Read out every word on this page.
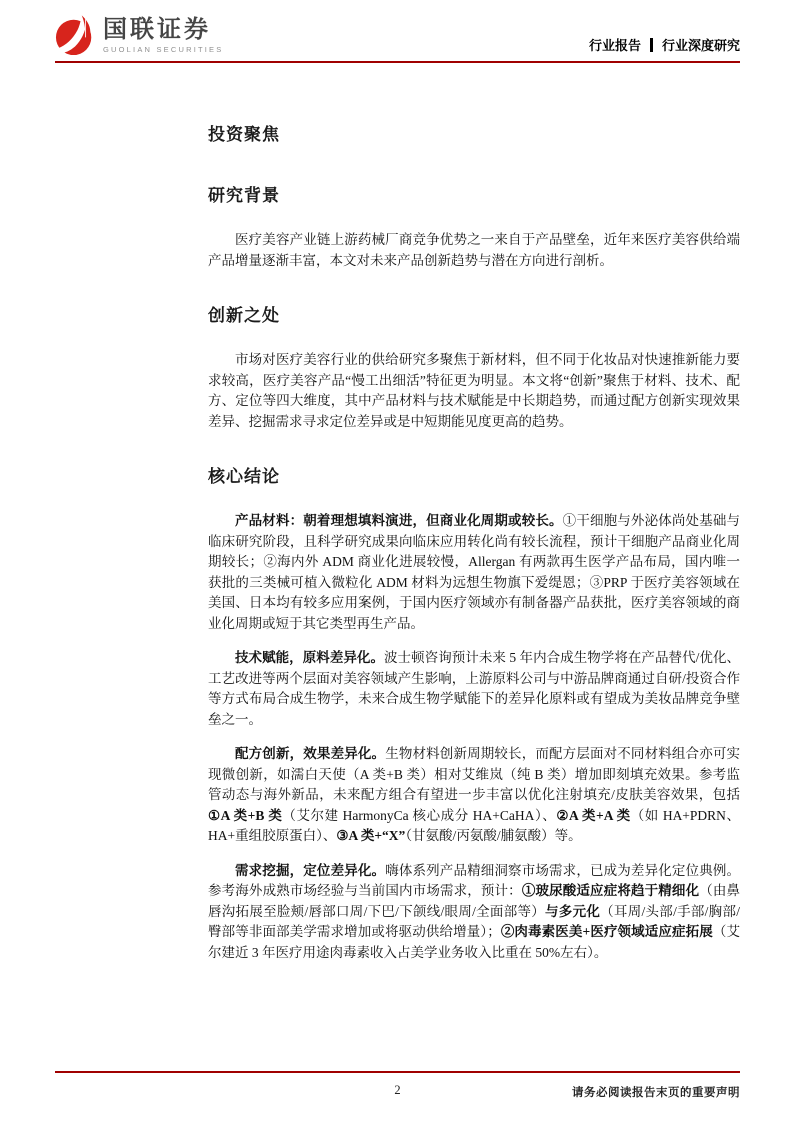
国联证券
GUOLIAN SECURITIES	行业报告 行业深度研究
投资聚焦
研究背景

医疗美容产业链上游药械厂商竞争优势之一来自于产品壁垒，近年来医疗美容供给端产品增量逐渐丰富，本文对未来产品创新趋势与潜在方向进行剖析。

创新之处

市场对医疗美容行业的供给研究多聚焦于新材料，但不同于化妆品对快速推新能力要求较高，医疗美容产品“慢工出细活”特征更为明显。本文将“创新”聚焦于材料、技术、配方、定位等四大维度，其中产品材料与技术赋能是中长期趋势，而通过配方创新实现效果差异、挖掘需求寻求定位差异或是中短期能见度更高的趋势。

核心结论

产品材料：朝着理想填料演进，但商业化周期或较长。①干细胞与外泌体尚处基础与临床研究阶段，且科学研究成果向临床应用转化尚有较长流程，预计干细胞产品商业化周期较长；②海内外 ADM 商业化进展较慢，Allergan 有两款再生医学产品布局，国内唯一获批的三类械可植入微粒化 ADM 材料为远想生物旗下爱缇恩；③PRP 于医疗美容领域在美国、日本均有较多应用案例，于国内医疗领域亦有制备器产品获批，医疗美容领域的商业化周期或短于其它类型再生产品。

技术赋能，原料差异化。波士顿咨询预计未来 5 年内合成生物学将在产品替代/优化、工艺改进等两个层面对美容领域产生影响，上游原料公司与中游品牌商通过自研/投资合作等方式布局合成生物学，未来合成生物学赋能下的差异化原料或有望成为美妆品牌竞争壁垒之一。

配方创新，效果差异化。生物材料创新周期较长，而配方层面对不同材料组合亦可实现微创新，如濡白天使（A 类+B 类）相对艾维岚（纯 B 类）增加即刻填充效果。参考监管动态与海外新品，未来配方组合有望进一步丰富以优化注射填充/皮肤美容效果，包括①A 类+B 类（艾尔建 HarmonyCa 核心成分 HA+CaHA）、②A 类+A 类（如 HA+PDRN、 HA+重组胶原蛋白）、③A 类+“X”（甘氨酸/丙氨酸/脯氨酸）等。

需求挖掘，定位差异化。嗨体系列产品精细洞察市场需求，已成为差异化定位典例。参考海外成熟市场经验与当前国内市场需求，预计：①玻尿酸适应症将趋于精细化（由鼻唇沟拓展至脸颊/唇部口周/下巴/下颌线/眼周/全面部等）与多元化（耳周/头部/手部/胸部/臀部等非面部美学需求增加或将驱动供给增量）；②肉毒素医美+医疗领域适应症拓展（艾尔建近 3 年医疗用途肉毒素收入占美学业务收入比重在 50%左右）。

2	请务必阅读报告末页的重要声明
